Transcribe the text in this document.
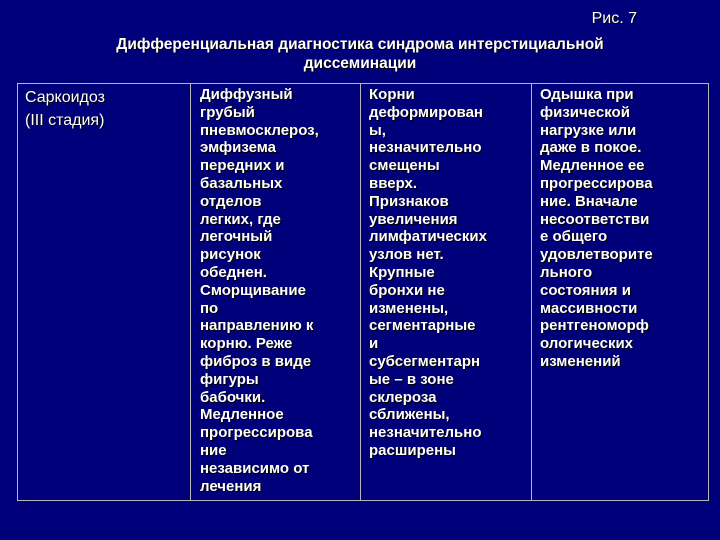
Рис. 7

Дифференциальная диагностика синдрома интерстициальной
диссеминации
Саркоидоз
(III стадия)

Диффузный
грубый
пневмосклероз,
эмфизема
передних и
базальных
отделов
легких, где
легочный
рисунок
обеднен.
Сморщивание
по
направлению к
корню. Реже
фиброз в виде
фигуры
бабочки.
Медленное
прогрессирова
ние
независимо от
лечения

Корни
деформирован
ы,
незначительно
смещены
вверх.
Признаков
увеличения
лимфатических
узлов нет.
Крупные
бронхи не
изменены,
сегментарные
и
субсегментарн
ые – в зоне
склероза
сближены,
незначительно
расширены

Одышка при
физической
нагрузке или
даже в покое.
Медленное ее
прогрессирова
ние. Вначале
несоответстви
е общего
удовлетворите
льного
состояния и
массивности
рентгеноморф
ологических
изменений
